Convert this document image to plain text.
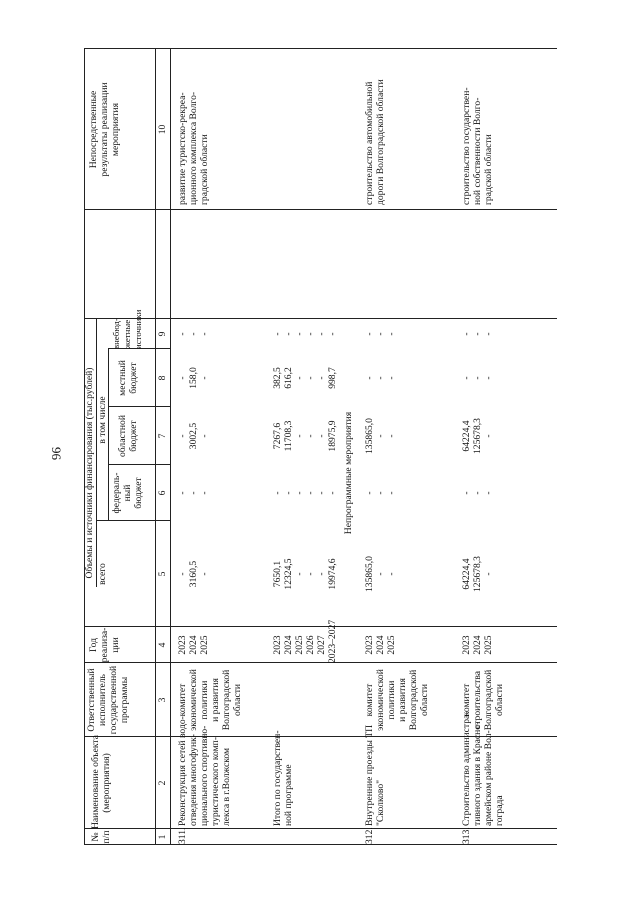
96
№
п/п
Наименование объекта
(мероприятия)
Ответственный
исполнитель
государственной
программы
Год
реализа-
ции
Объемы и источники финансирования (тыс.рублей) всего
в том числе
федераль-
ный
бюджет
областной
бюджет
местный
бюджет
внебюд-
жетные
источники
Непосредственные
результаты реализации
мероприятия
1
2
3
4
5
6
7
8
9
10
311.
Реконструкция сетей водо-
отведения многофунк-
ционального спортивно-
туристического комп-
лекса в г.Волжском
комитет
экономической
политики
и развития
Волгоградской
области
2023
2024
2025
-
3160,5
-
-
-
-
-
3002,5
-
-
158,0
-
-
-
-
развитие туристско-рекреа-
ционного комплекса Волго-
градской области
Итого по государствен-
ной программе
2023
2024
2025
2026
2027
2023–2027
7650,1
12324,5
-
-
-
19974,6
-
-
-
-
-
-
7267,6
11708,3
-
-
-
18975,9
382,5
616,2
-
-
-
998,7
-
-
-
-
-
-
Непрограммные мероприятия
312.
Внутренние проезды ТП
"Сколково"
комитет
экономической
политики
и развития
Волгоградской
области
2023
2024
2025
135865,0
-
-
-
-
-
135865,0
-
-
-
-
-
-
-
-
строительство автомобильной
дороги Волгоградской области
313.
Строительство администра-
тивного здания в Красно-
армейском районе Вол-
гограда
комитет
строительства
Волгоградской
области
2023
2024
2025
64224,4
125678,3
-
-
-
-
64224,4
125678,3
-
-
-
-
-
-
-
строительство государствен-
ной собственности Волго-
градской области
